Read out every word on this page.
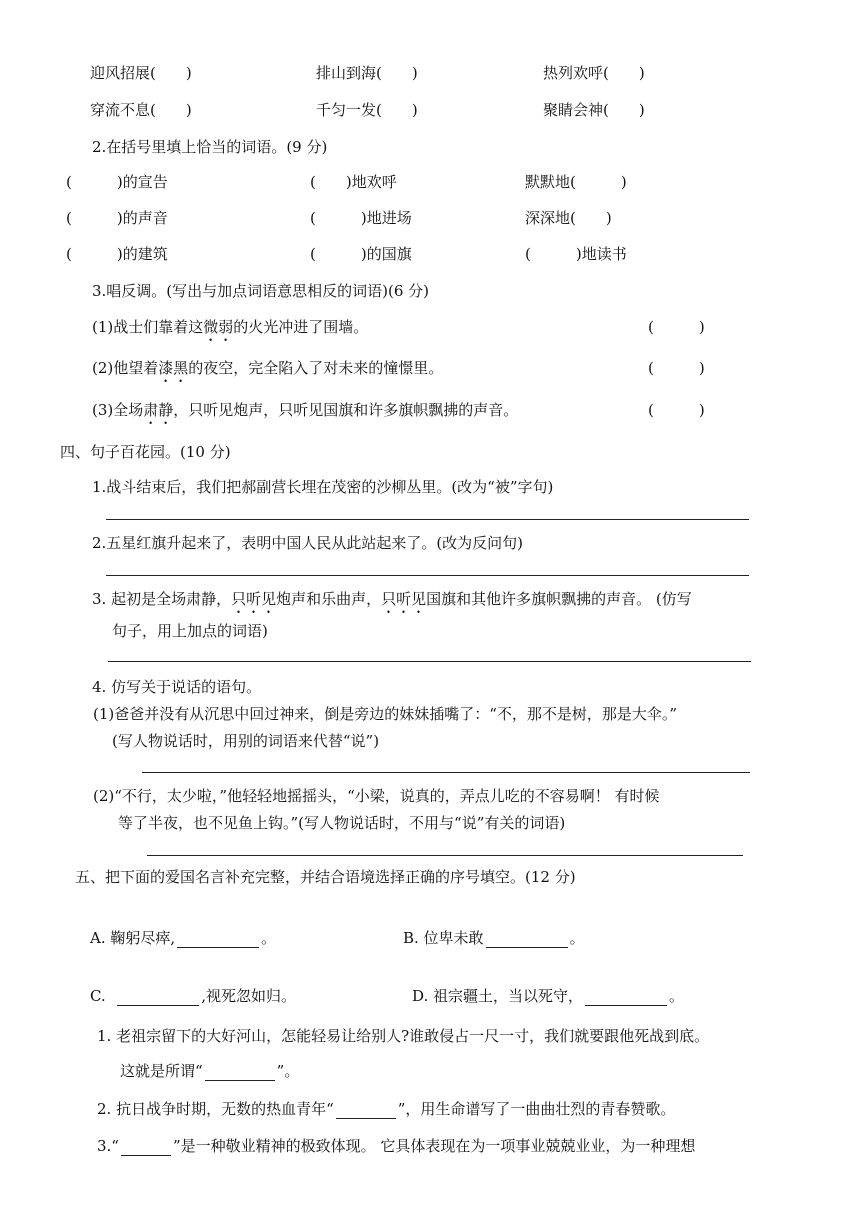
迎风招展(　　)	排山到海(　　)	热列欢呼(　　)
穿流不息(　　)	千匀一发(　　)	聚睛会神(　　)
2.在括号里填上恰当的词语。(9 分)
(　　　)的宣告	(　　)地欢呼	默默地(　　　)
(　　　)的声音	(　　　)地进场	深深地(　　)
(　　　)的建筑	(　　　)的国旗	(　　　)地读书
3.唱反调。(写出与加点词语意思相反的词语)(6 分)
(1)战士们靠着这微弱的火光冲进了围墙。	(　　　)
(2)他望着漆黑的夜空，完全陷入了对未来的憧憬里。	(　　　)
(3)全场肃静，只听见炮声，只听见国旗和许多旗帜飘拂的声音。	(　　　)
四、句子百花园。(10 分)
1.战斗结束后，我们把郝副营长埋在茂密的沙柳丛里。(改为“被”字句)
2.五星红旗升起来了，表明中国人民从此站起来了。(改为反问句)
3. 起初是全场肃静，只听见炮声和乐曲声，只听见国旗和其他许多旗帜飘拂的声音。 (仿写
句子，用上加点的词语)
4. 仿写关于说话的语句。
(1)爸爸并没有从沉思中回过神来，倒是旁边的妹妹插嘴了：“不，那不是树，那是大伞。”
(写人物说话时，用别的词语来代替“说”)
(2)“不行，太少啦，”他轻轻地摇摇头，“小梁，说真的，弄点儿吃的不容易啊！ 有时候
等了半夜，也不见鱼上钩。”(写人物说话时，不用与“说”有关的词语)
五、把下面的爱国名言补充完整，并结合语境选择正确的序号填空。(12 分)
A. 鞠躬尽瘁,	。	B. 位卑未敢	。
C.	,视死忽如归。	D. 祖宗疆土，当以死守，	。
1. 老祖宗留下的大好河山，怎能轻易让给别人?谁敢侵占一尺一寸，我们就要跟他死战到底。
这就是所谓“	”。
2. 抗日战争时期，无数的热血青年“	”，用生命谱写了一曲曲壮烈的青春赞歌。
3.“	”是一种敬业精神的极致体现。 它具体表现在为一项事业兢兢业业，为一种理想
